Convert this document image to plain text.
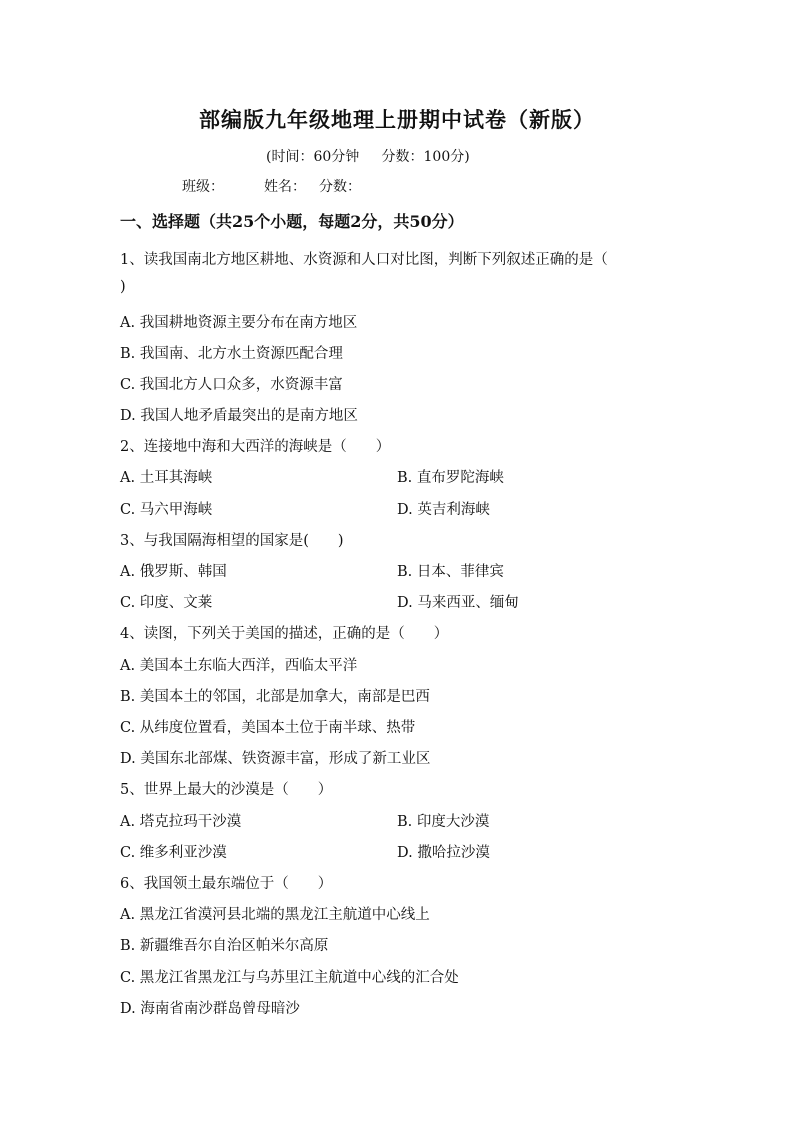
部编版九年级地理上册期中试卷（新版）
(时间：60分钟     分数：100分)
班级：	姓名： 分数：
一、选择题（共25个小题，每题2分，共50分）
1、读我国南北方地区耕地、水资源和人口对比图，判断下列叙述正确的是（
)
A. 我国耕地资源主要分布在南方地区
B. 我国南、北方水土资源匹配合理
C. 我国北方人口众多，水资源丰富
D. 我国人地矛盾最突出的是南方地区
2、连接地中海和大西洋的海峡是（　　）
A. 土耳其海峡	B. 直布罗陀海峡
C. 马六甲海峡	D. 英吉利海峡
3、与我国隔海相望的国家是(　　)
A. 俄罗斯、韩国	B. 日本、菲律宾
C. 印度、文莱	D. 马来西亚、缅甸
4、读图，下列关于美国的描述，正确的是（　　）
A. 美国本土东临大西洋，西临太平洋
B. 美国本土的邻国，北部是加拿大，南部是巴西
C. 从纬度位置看，美国本土位于南半球、热带
D. 美国东北部煤、铁资源丰富，形成了新工业区
5、世界上最大的沙漠是（　　）
A. 塔克拉玛干沙漠	B. 印度大沙漠
C. 维多利亚沙漠	D. 撒哈拉沙漠
6、我国领土最东端位于（　　）
A. 黑龙江省漠河县北端的黑龙江主航道中心线上
B. 新疆维吾尔自治区帕米尔高原
C. 黑龙江省黑龙江与乌苏里江主航道中心线的汇合处
D. 海南省南沙群岛曾母暗沙
